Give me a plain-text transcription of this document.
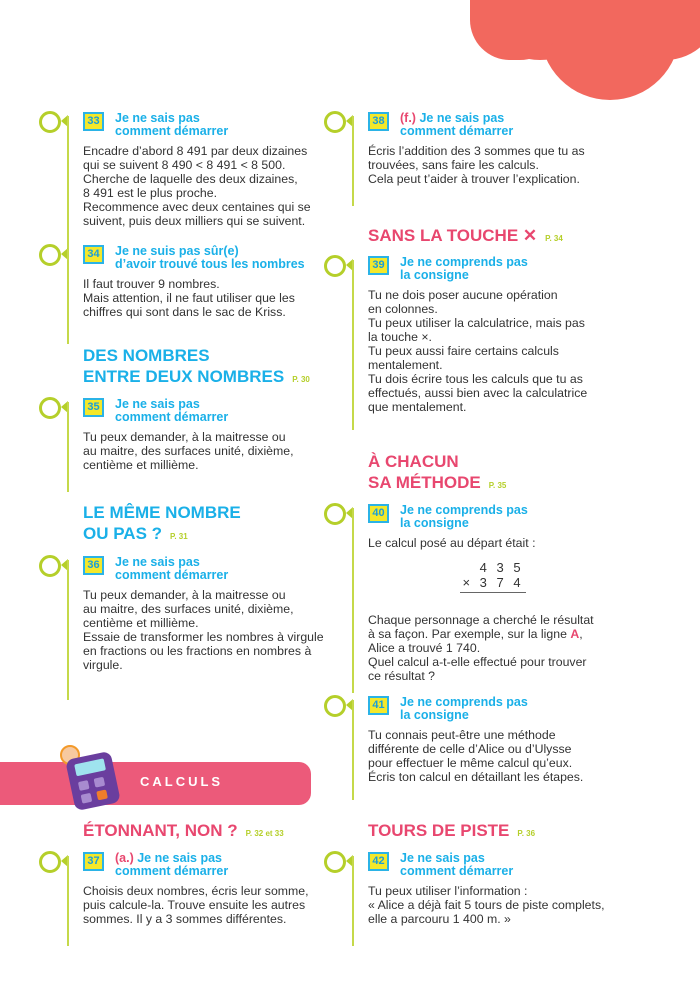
CALCULS
DES NOMBRES
ENTRE DEUX NOMBRES P. 30
LE MÊME NOMBRE
OU PAS ? P. 31
ÉTONNANT, NON ? P. 32 et 33
SANS LA TOUCHE ✕ P. 34
À CHACUN
SA MÉTHODE P. 35
TOURS DE PISTE P. 36
33	Je ne sais pas
comment démarrer
Encadre d’abord 8 491 par deux dizaines
qui se suivent 8 490 < 8 491 < 8 500.
Cherche de laquelle des deux dizaines,
8 491 est le plus proche.
Recommence avec deux centaines qui se
suivent, puis deux milliers qui se suivent.
34	Je ne suis pas sûr(e)
d’avoir trouvé tous les nombres
Il faut trouver 9 nombres.
Mais attention, il ne faut utiliser que les
chiffres qui sont dans le sac de Kriss.
35	Je ne sais pas
comment démarrer
Tu peux demander, à la maitresse ou
au maitre, des surfaces unité, dixième,
centième et millième.
36	Je ne sais pas
comment démarrer
Tu peux demander, à la maitresse ou
au maitre, des surfaces unité, dixième,
centième et millième.
Essaie de transformer les nombres à virgule
en fractions ou les fractions en nombres à
virgule.
37	(a.) Je ne sais pas
comment démarrer
Choisis deux nombres, écris leur somme,
puis calcule-la. Trouve ensuite les autres
sommes. Il y a 3 sommes différentes.
38	(f.) Je ne sais pas
comment démarrer
Écris l’addition des 3 sommes que tu as
trouvées, sans faire les calculs.
Cela peut t’aider à trouver l’explication.
39	Je ne comprends pas
la consigne
Tu ne dois poser aucune opération
en colonnes.
Tu peux utiliser la calculatrice, mais pas
la touche ×.
Tu peux aussi faire certains calculs
mentalement.
Tu dois écrire tous les calculs que tu as
effectués, aussi bien avec la calculatrice
que mentalement.
40	Je ne comprends pas
la consigne
Le calcul posé au départ était :
4 3 5
× 3 7 4
Chaque personnage a cherché le résultat
à sa façon. Par exemple, sur la ligne A,
Alice a trouvé 1 740.
Quel calcul a-t-elle effectué pour trouver
ce résultat ?
41	Je ne comprends pas
la consigne
Tu connais peut-être une méthode
différente de celle d’Alice ou d’Ulysse
pour effectuer le même calcul qu’eux.
Écris ton calcul en détaillant les étapes.
42	Je ne sais pas
comment démarrer
Tu peux utiliser l’information :
« Alice a déjà fait 5 tours de piste complets,
elle a parcouru 1 400 m. »
